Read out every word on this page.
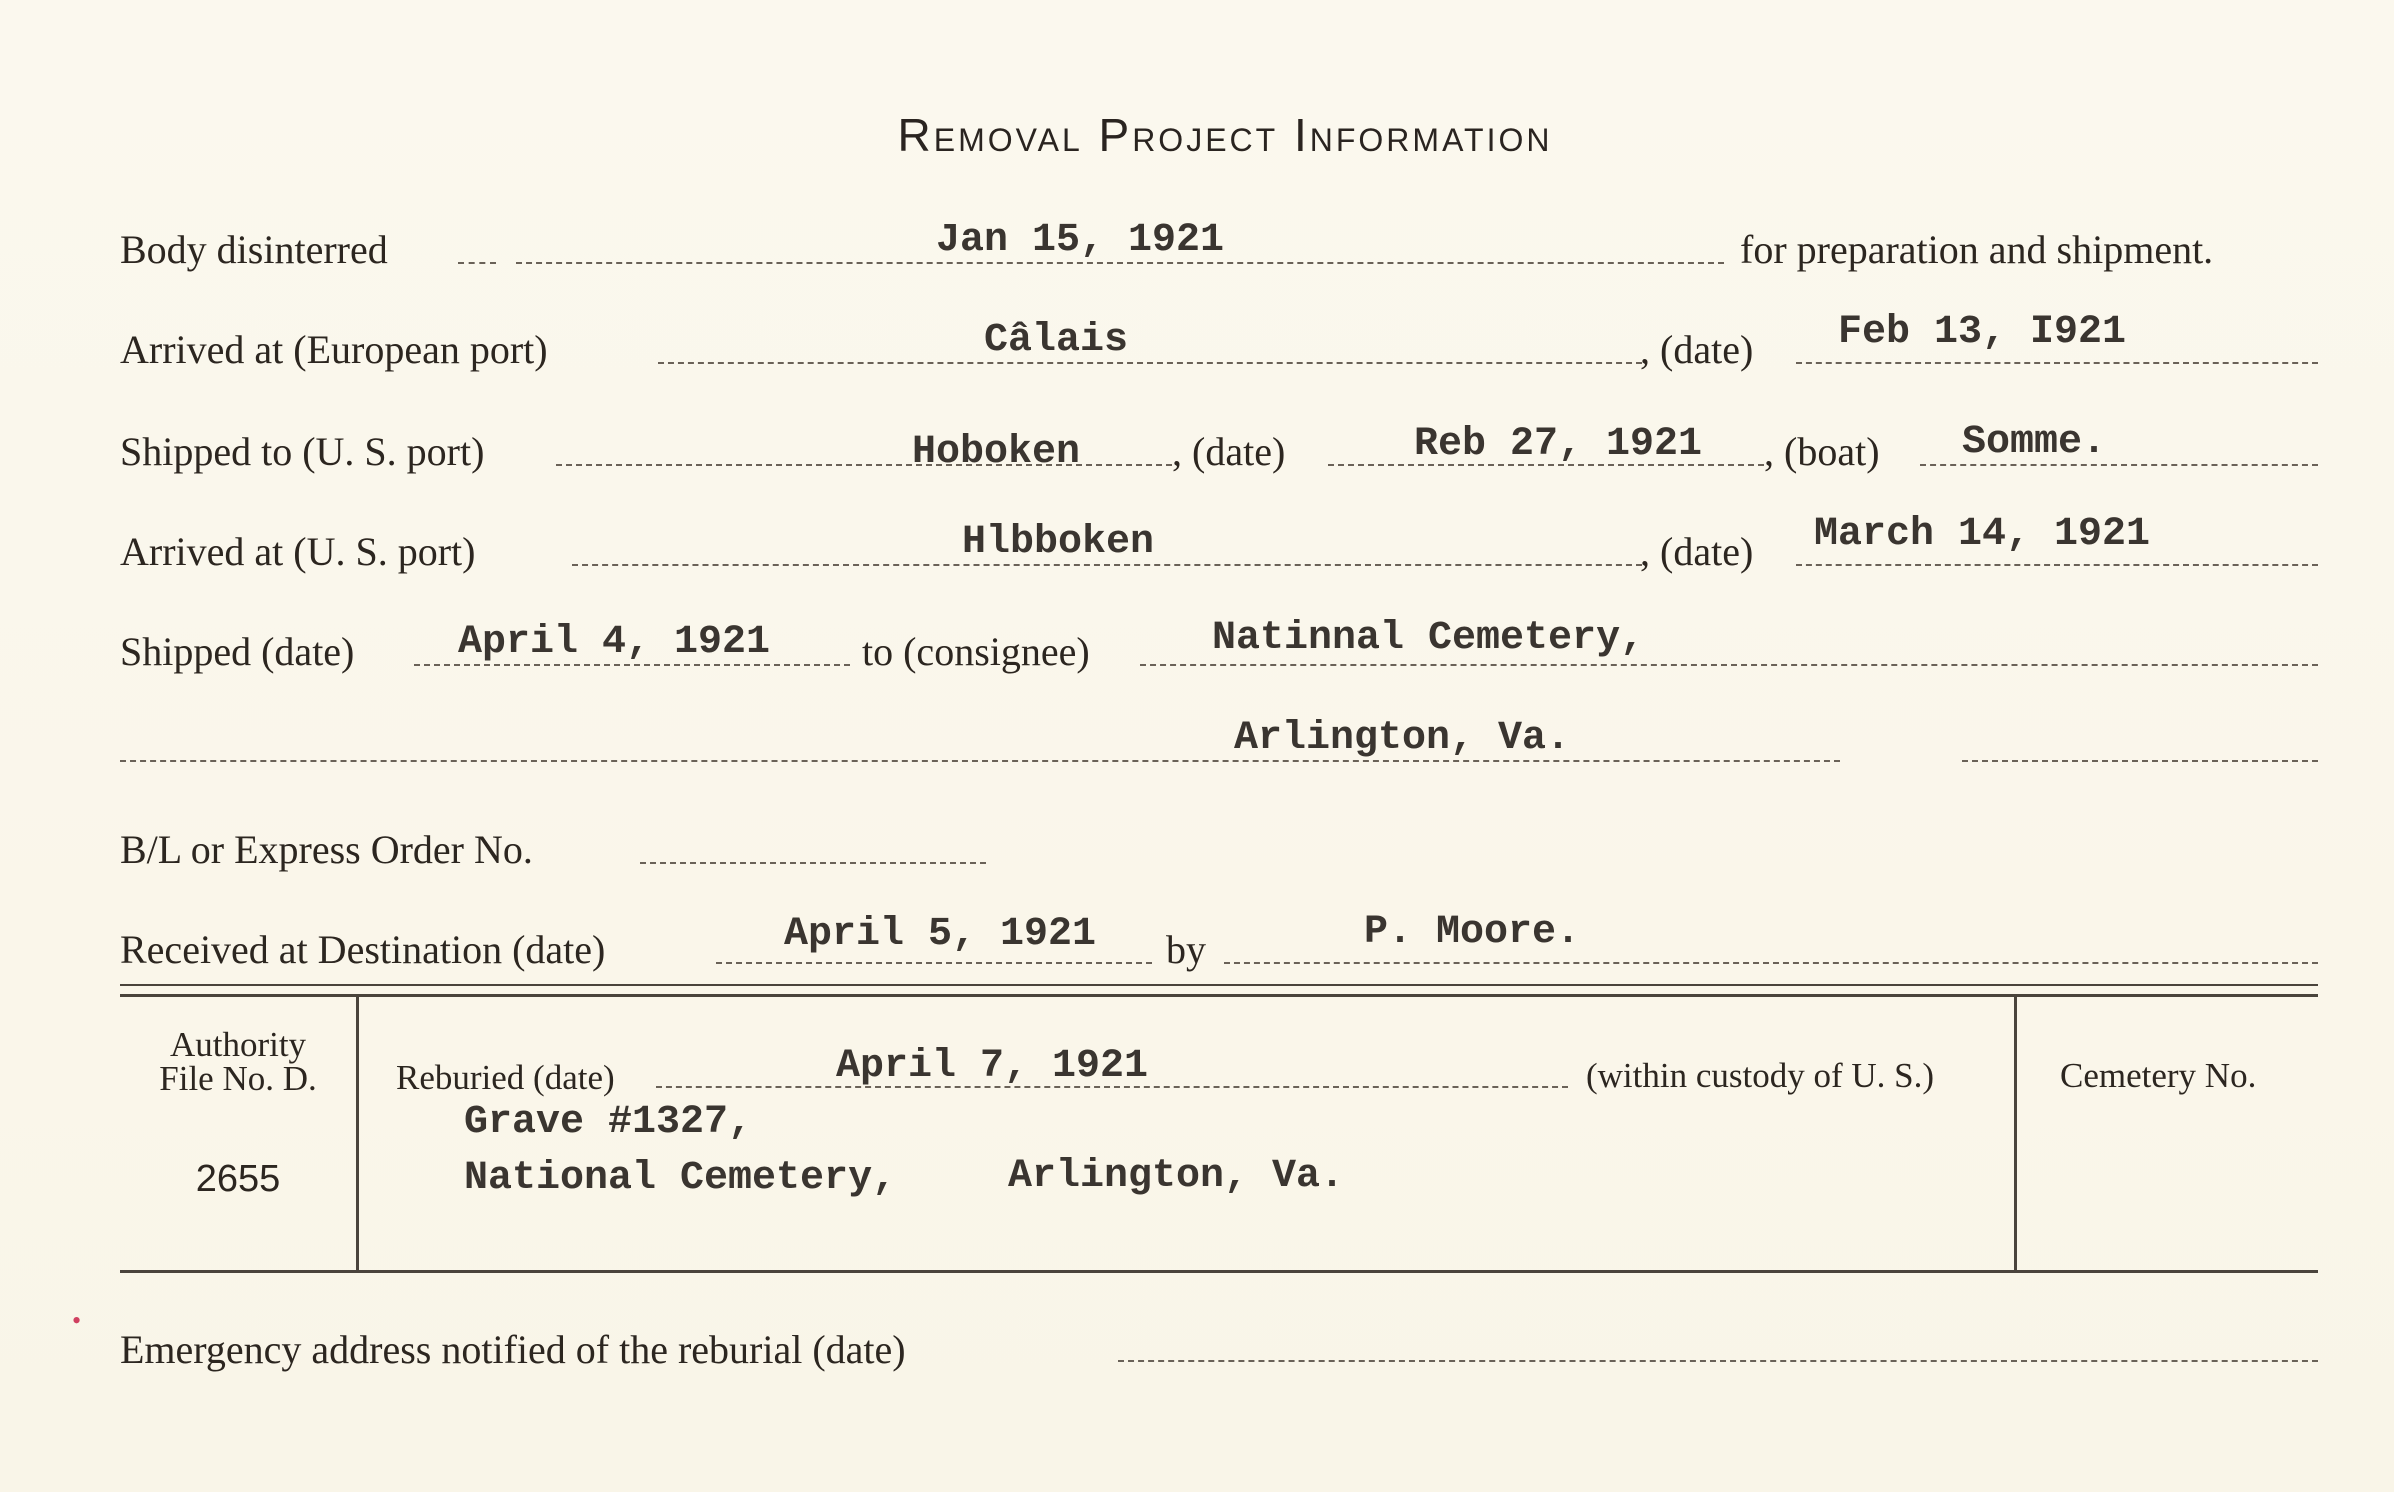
Removal Project Information
Body disinterred	Jan 15, 1921	for preparation and shipment.
Arrived at (European port)	Câlais	, (date) Feb 13, I921
Shipped to (U. S. port)	Hoboken , (date)	Reb 27, 1921 , (boat) Somme.
Arrived at (U. S. port)	Hlbboken	, (date) March 14, 1921
Shipped (date)	April 4, 1921 to (consignee)	Natinnal Cemetery,
Arlington, Va.
B/L or Express Order No.
Received at Destination (date)	April 5, 1921 by	P. Moore.
Authority
File No. D.
2655
Reburied (date)	April 7, 1921	(within custody of U. S.)
Grave #1327,
National Cemetery,	Arlington, Va.
Cemetery No.
Emergency address notified of the reburial (date)
•
